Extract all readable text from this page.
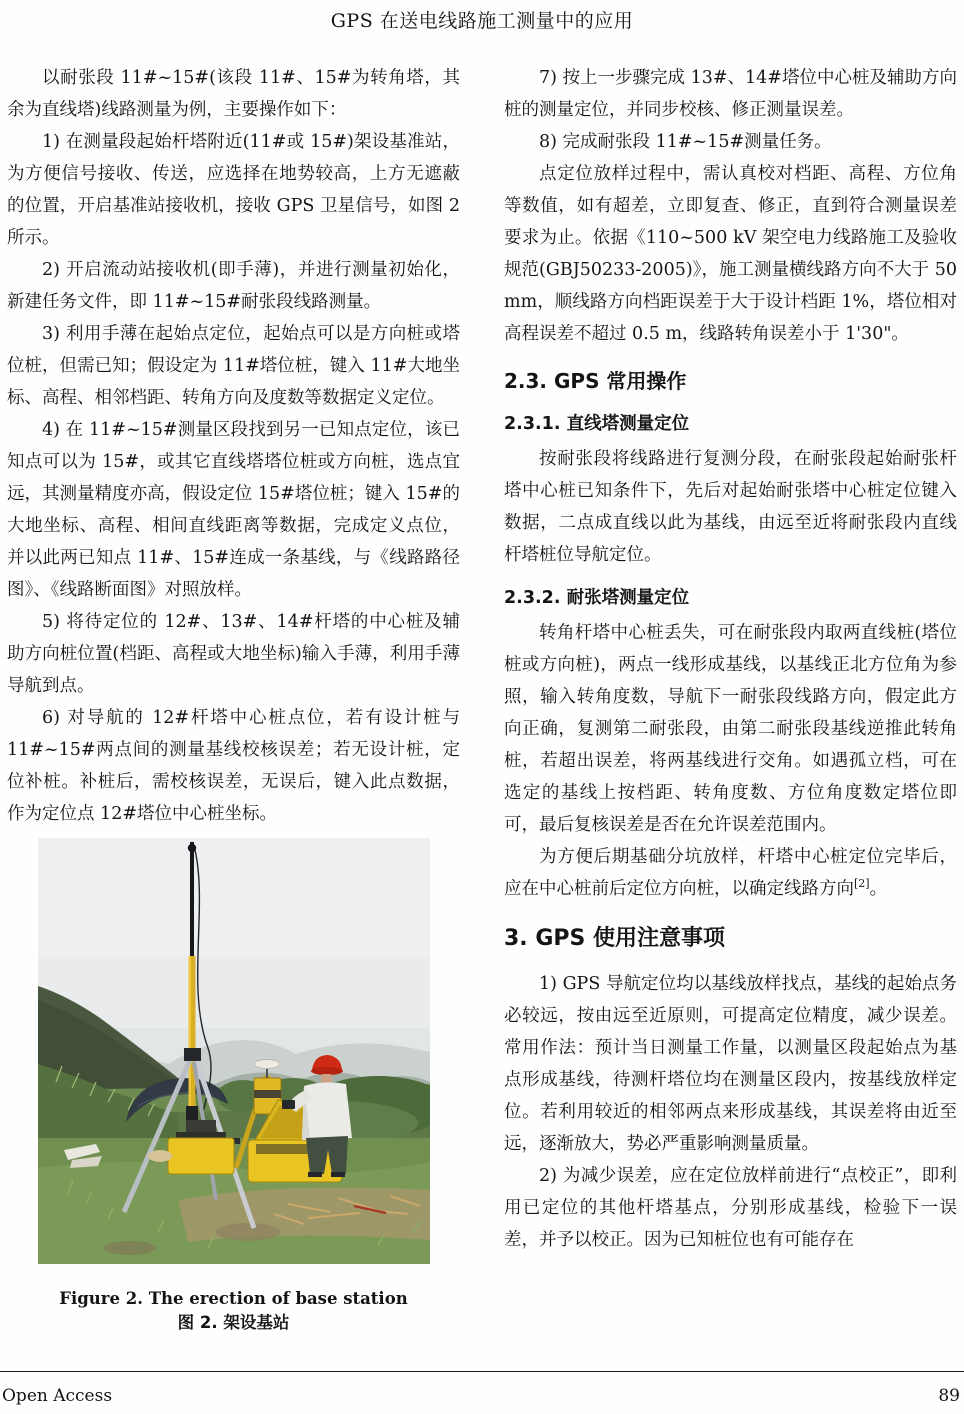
GPS 在送电线路施工测量中的应用

以耐张段 11#~15#(该段 11#、15#为转角塔，其余为直线塔)线路测量为例，主要操作如下：

1) 在测量段起始杆塔附近(11#或 15#)架设基准站，为方便信号接收、传送，应选择在地势较高，上方无遮蔽的位置，开启基准站接收机，接收 GPS 卫星信号，如图 2 所示。

2) 开启流动站接收机(即手薄)，并进行测量初始化，新建任务文件，即 11#~15#耐张段线路测量。

3) 利用手薄在起始点定位，起始点可以是方向桩或塔位桩，但需已知；假设定为 11#塔位桩，键入 11#大地坐标、高程、相邻档距、转角方向及度数等数据定义定位。

4) 在 11#~15#测量区段找到另一已知点定位，该已知点可以为 15#，或其它直线塔塔位桩或方向桩，选点宜远，其测量精度亦高，假设定位 15#塔位桩；键入 15#的大地坐标、高程、相间直线距离等数据，完成定义点位，并以此两已知点 11#、15#连成一条基线，与《线路路径图》、《线路断面图》对照放样。

5) 将待定位的 12#、13#、14#杆塔的中心桩及辅助方向桩位置(档距、高程或大地坐标)输入手薄，利用手薄导航到点。

6) 对导航的 12#杆塔中心桩点位，若有设计桩与11#~15#两点间的测量基线校核误差；若无设计桩，定位补桩。补桩后，需校核误差，无误后，键入此点数据，作为定位点 12#塔位中心桩坐标。

Figure 2. The erection of base station
图 2. 架设基站

7) 按上一步骤完成 13#、14#塔位中心桩及辅助方向桩的测量定位，并同步校核、修正测量误差。

8) 完成耐张段 11#~15#测量任务。

点定位放样过程中，需认真校对档距、高程、方位角等数值，如有超差，立即复查、修正，直到符合测量误差要求为止。依据《110~500 kV 架空电力线路施工及验收规范(GBJ50233-2005)》，施工测量横线路方向不大于 50 mm，顺线路方向档距误差于大于设计档距 1%，塔位相对高程误差不超过 0.5 m，线路转角误差小于 1'30"。

2.3. GPS 常用操作
2.3.1. 直线塔测量定位

按耐张段将线路进行复测分段，在耐张段起始耐张杆塔中心桩已知条件下，先后对起始耐张塔中心桩定位键入数据，二点成直线以此为基线，由远至近将耐张段内直线杆塔桩位导航定位。

2.3.2. 耐张塔测量定位

转角杆塔中心桩丢失，可在耐张段内取两直线桩(塔位桩或方向桩)，两点一线形成基线，以基线正北方位角为参照，输入转角度数，导航下一耐张段线路方向，假定此方向正确，复测第二耐张段，由第二耐张段基线逆推此转角桩，若超出误差，将两基线进行交角。如遇孤立档，可在选定的基线上按档距、转角度数、方位角度数定塔位即可，最后复核误差是否在允许误差范围内。

为方便后期基础分坑放样，杆塔中心桩定位完毕后，应在中心桩前后定位方向桩，以确定线路方向[2]。

3. GPS 使用注意事项

1) GPS 导航定位均以基线放样找点，基线的起始点务必较远，按由远至近原则，可提高定位精度，减少误差。常用作法：预计当日测量工作量，以测量区段起始点为基点形成基线，待测杆塔位均在测量区段内，按基线放样定位。若利用较近的相邻两点来形成基线，其误差将由近至远，逐渐放大，势必严重影响测量质量。

2) 为减少误差，应在定位放样前进行“点校正”，即利用已定位的其他杆塔基点，分别形成基线，检验下一误差，并予以校正。因为已知桩位也有可能存在

Open Access	89
